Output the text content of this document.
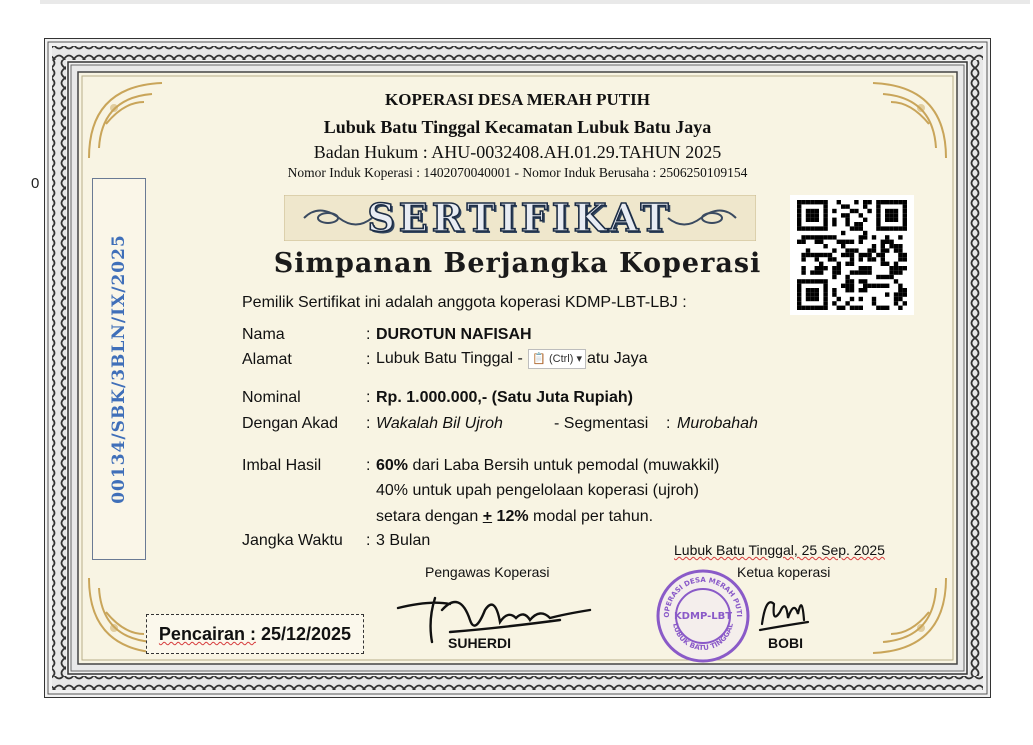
0
KOPERASI DESA MERAH PUTIH
Lubuk Batu Tinggal Kecamatan Lubuk Batu Jaya
Badan Hukum : AHU-0032408.AH.01.29.TAHUN 2025
Nomor Induk Koperasi : 1402070040001 - Nomor Induk Berusaha : 2506250109154
SERTIFIKAT
Simpanan Berjangka Koperasi
00134/SBK/3BLN/IX/2025	Pemilik Sertifikat ini adalah anggota koperasi KDMP-LBT-LBJ :
Nama	: DUROTUN NAFISAH
Alamat	: Lubuk Batu Tinggal - 📋 (Ctrl) ▾ atu Jaya
Nominal	: Rp. 1.000.000,- (Satu Juta Rupiah)
Dengan Akad : Wakalah Bil Ujroh	- Segmentasi : Murobahah
Imbal Hasil	: 60% dari Laba Bersih untuk pemodal (muwakkil)
40% untuk upah pengelolaan koperasi (ujroh)
setara dengan + 12% modal per tahun.
Jangka Waktu : 3 Bulan
Lubuk Batu Tinggal, 25 Sep. 2025
Pengawas Koperasi	Ketua koperasi
SUHERDI
OPERASI DESA MERAH PUTI
LUBUK BATU TINGGAL
KDMP-LBT
BOBI
Pencairan : 25/12/2025
